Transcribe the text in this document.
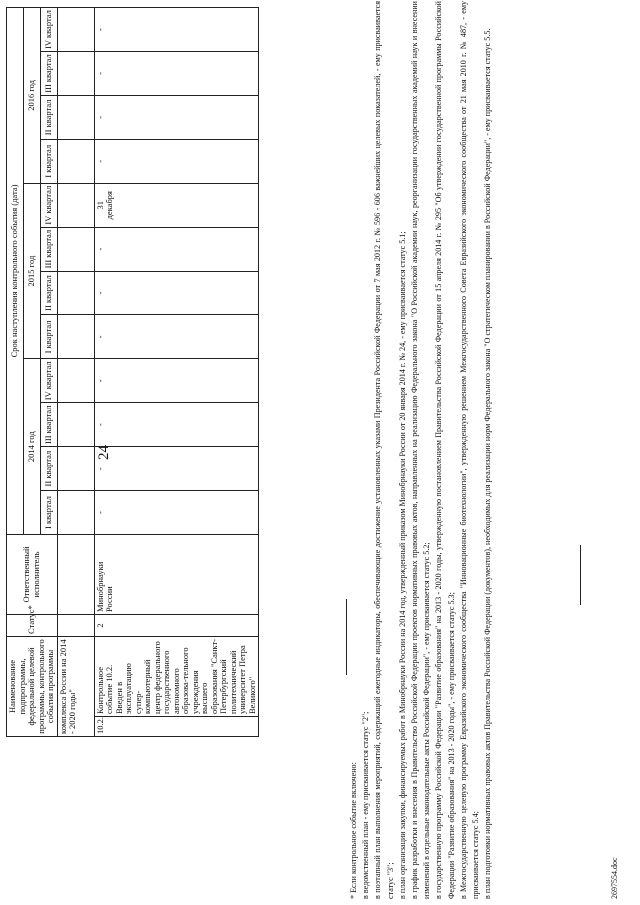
24
Наименование подпрограммы, федеральной целевой программы, контрольного события программы		Статус*	Ответственный исполнитель	Срок наступления контрольного события (дата)											
				2014 год				2015 год				2016 год			
				I квартал	II квартал	III квартал	IV квартал	I квартал	II квартал	III квартал	IV квартал	I квартал	II квартал	III квартал	IV квартал
комплекса России на 2014 - 2020 годы"															
10.2.	Контрольное событие 10.2. Введен в эксплуатацию супер-компьютерный центр федерального государственного автономного образова-тельного учреждения высшего образования "Санкт-Петербургский политехнический университет Петра Великого"	2	Минобрнауки России	-	-	-	-	-	-	-	31 декабря	-	-	-	-

* Если контрольное событие включено: в ведомственный план - ему присваивается статус "2"; в поэтапный план выполнения мероприятий, содержащий ежегодные индикаторы, обеспечивающие достижение установленных указами Президента Российской Федерации от 7 мая 2012 г. № 596 - 606 важнейших целевых показателей, - ему присваивается статус "3"; в план организации закупки, финансируемых работ в Минобрнауки России на 2014 год, утвержденный приказом Минобрнауки России от 20 января 2014 г. № 24, - ему присваивается статус 5.1; в график разработки и внесения в Правительство Российской Федерации проектов нормативных правовых актов, направленных на реализацию Федерального закона "О Российской академии наук, реорганизации государственных академий наук и внесении изменений в отдельные законодательные акты Российской Федерации", - ему присваивается статус 5.2; в государственную программу Российской Федерации "Развитие образования" на 2013 - 2020 годы, утвержденную постановлением Правительства Российской Федерации от 15 апреля 2014 г. № 295 "Об утверждении государственной программы Российской Федерации "Развитие образования" на 2013 - 2020 годы", - ему присваивается статус 5.3; в Межгосударственную целевую программу Евразийского экономического сообщества "Инновационные биотехнологии", утвержденную решением Межгосударственного Совета Евразийского экономического сообщества от 21 мая 2010 г. № 487, - ему присваивается статус 5.4; в план подготовки нормативных правовых актов Правительства Российской Федерации (документов), необходимых для реализации норм Федерального закона "О стратегическом планировании в Российской Федерации", - ему присваивается статус 5.5.	2697554.doc
